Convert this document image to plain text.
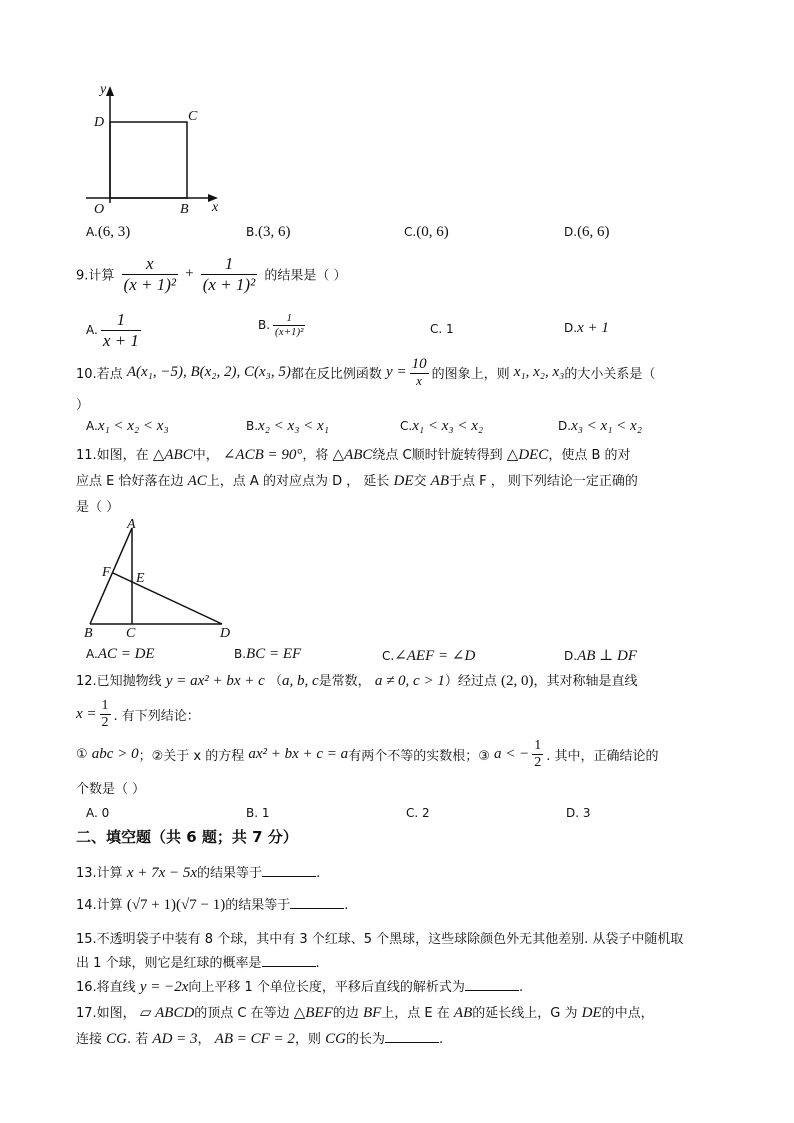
y
D	C
O	B x
A.(6, 3)	B.(3, 6)	C.(0, 6)	D.(6, 6)
9.计算 $\frac{x}{\text{(x + 1)²}} + \frac{1}{\text{(x + 1)²}}$ 的结果是（ ）
A. $\frac{1}{x + 1}$	B. $\frac{1}{\text{(x+1)²}}$	C. 1	D.x + 1
10.若点 A(x₁, −5), B(x₂, 2), C(x₃, 5)都在反比例函数 $y = \frac{10}{x}$ 的图象上，则 x₁, x₂, x₃的大小关系是（
）
A.x₁ < x₂ < x₃	B.x₂ < x₃ < x₁	C.x₁ < x₃ < x₂	D.x₃ < x₁ < x₂
11.如图，在 △ABC中， ∠ACB = 90°，将 △ABC绕点 C顺时针旋转得到 △DEC，使点 B 的对
应点 E 恰好落在边 AC上，点 A 的对应点为 D ， 延长 DE交 AB于点 F ， 则下列结论一定正确的
是（ ）
A
F E
B C	D
A.AC = DE	B.BC = EF	C.∠AEF = ∠D	D.AB ⊥ DF
12.已知抛物线 y = ax² + bx + c （a, b, c是常数， a ≠ 0, c > 1）经过点 (2, 0)，其对称轴是直线
$x = \frac{1}{2}$ . 有下列结论：
① abc > 0；②关于 x 的方程 ax² + bx + c = a有两个不等的实数根；③ a < − $\frac{1}{2}$ . 其中，正确结论的
个数是（ ）
A. 0	B. 1	C. 2	D. 3
二、填空题（共 6 题；共 7 分）
13.计算 x + 7x − 5x的结果等于	.
14.计算 (√7 + 1)(√7 − 1)的结果等于	.
15.不透明袋子中装有 8 个球，其中有 3 个红球、5 个黑球，这些球除颜色外无其他差别. 从袋子中随机取
出 1 个球，则它是红球的概率是	.
16.将直线 y = −2x向上平移 1 个单位长度，平移后直线的解析式为	.
17.如图， ▱ ABCD的顶点 C 在等边 △BEF的边 BF上，点 E 在 AB的延长线上，G 为 DE的中点，
连接 CG. 若 AD = 3， AB = CF = 2，则 CG的长为	.
